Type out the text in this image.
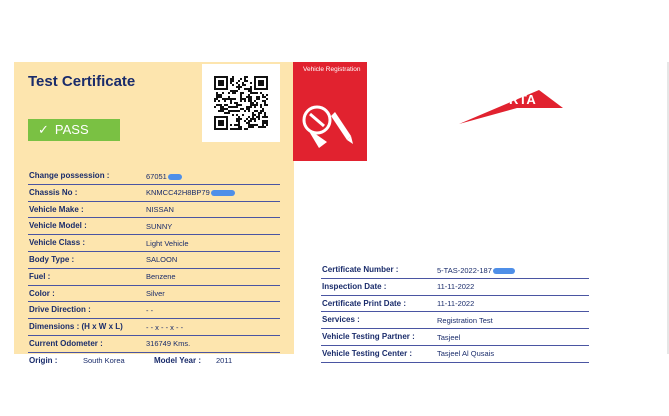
Test Certificate
✓ PASS
Change possession :	67051
Chassis No :	KNMCC42H8BP79
Vehicle Make :	NISSAN
Vehicle Model :	SUNNY
Vehicle Class :	Light Vehicle
Body Type :	SALOON
Fuel :	Benzene
Color :	Silver
Drive Direction :	- -
Dimensions : (H x W x L)	- - x - - x - -
Current Odometer :	316749 Kms.
Origin :	South Korea	Model Year : 2011
Vehicle Registration
RTA
Certificate Number :	5-TAS-2022-187
Inspection Date :	11-11-2022
Certificate Print Date :	11-11-2022
Services :	Registration Test
Vehicle Testing Partner :	Tasjeel
Vehicle Testing Center :	Tasjeel Al Qusais
